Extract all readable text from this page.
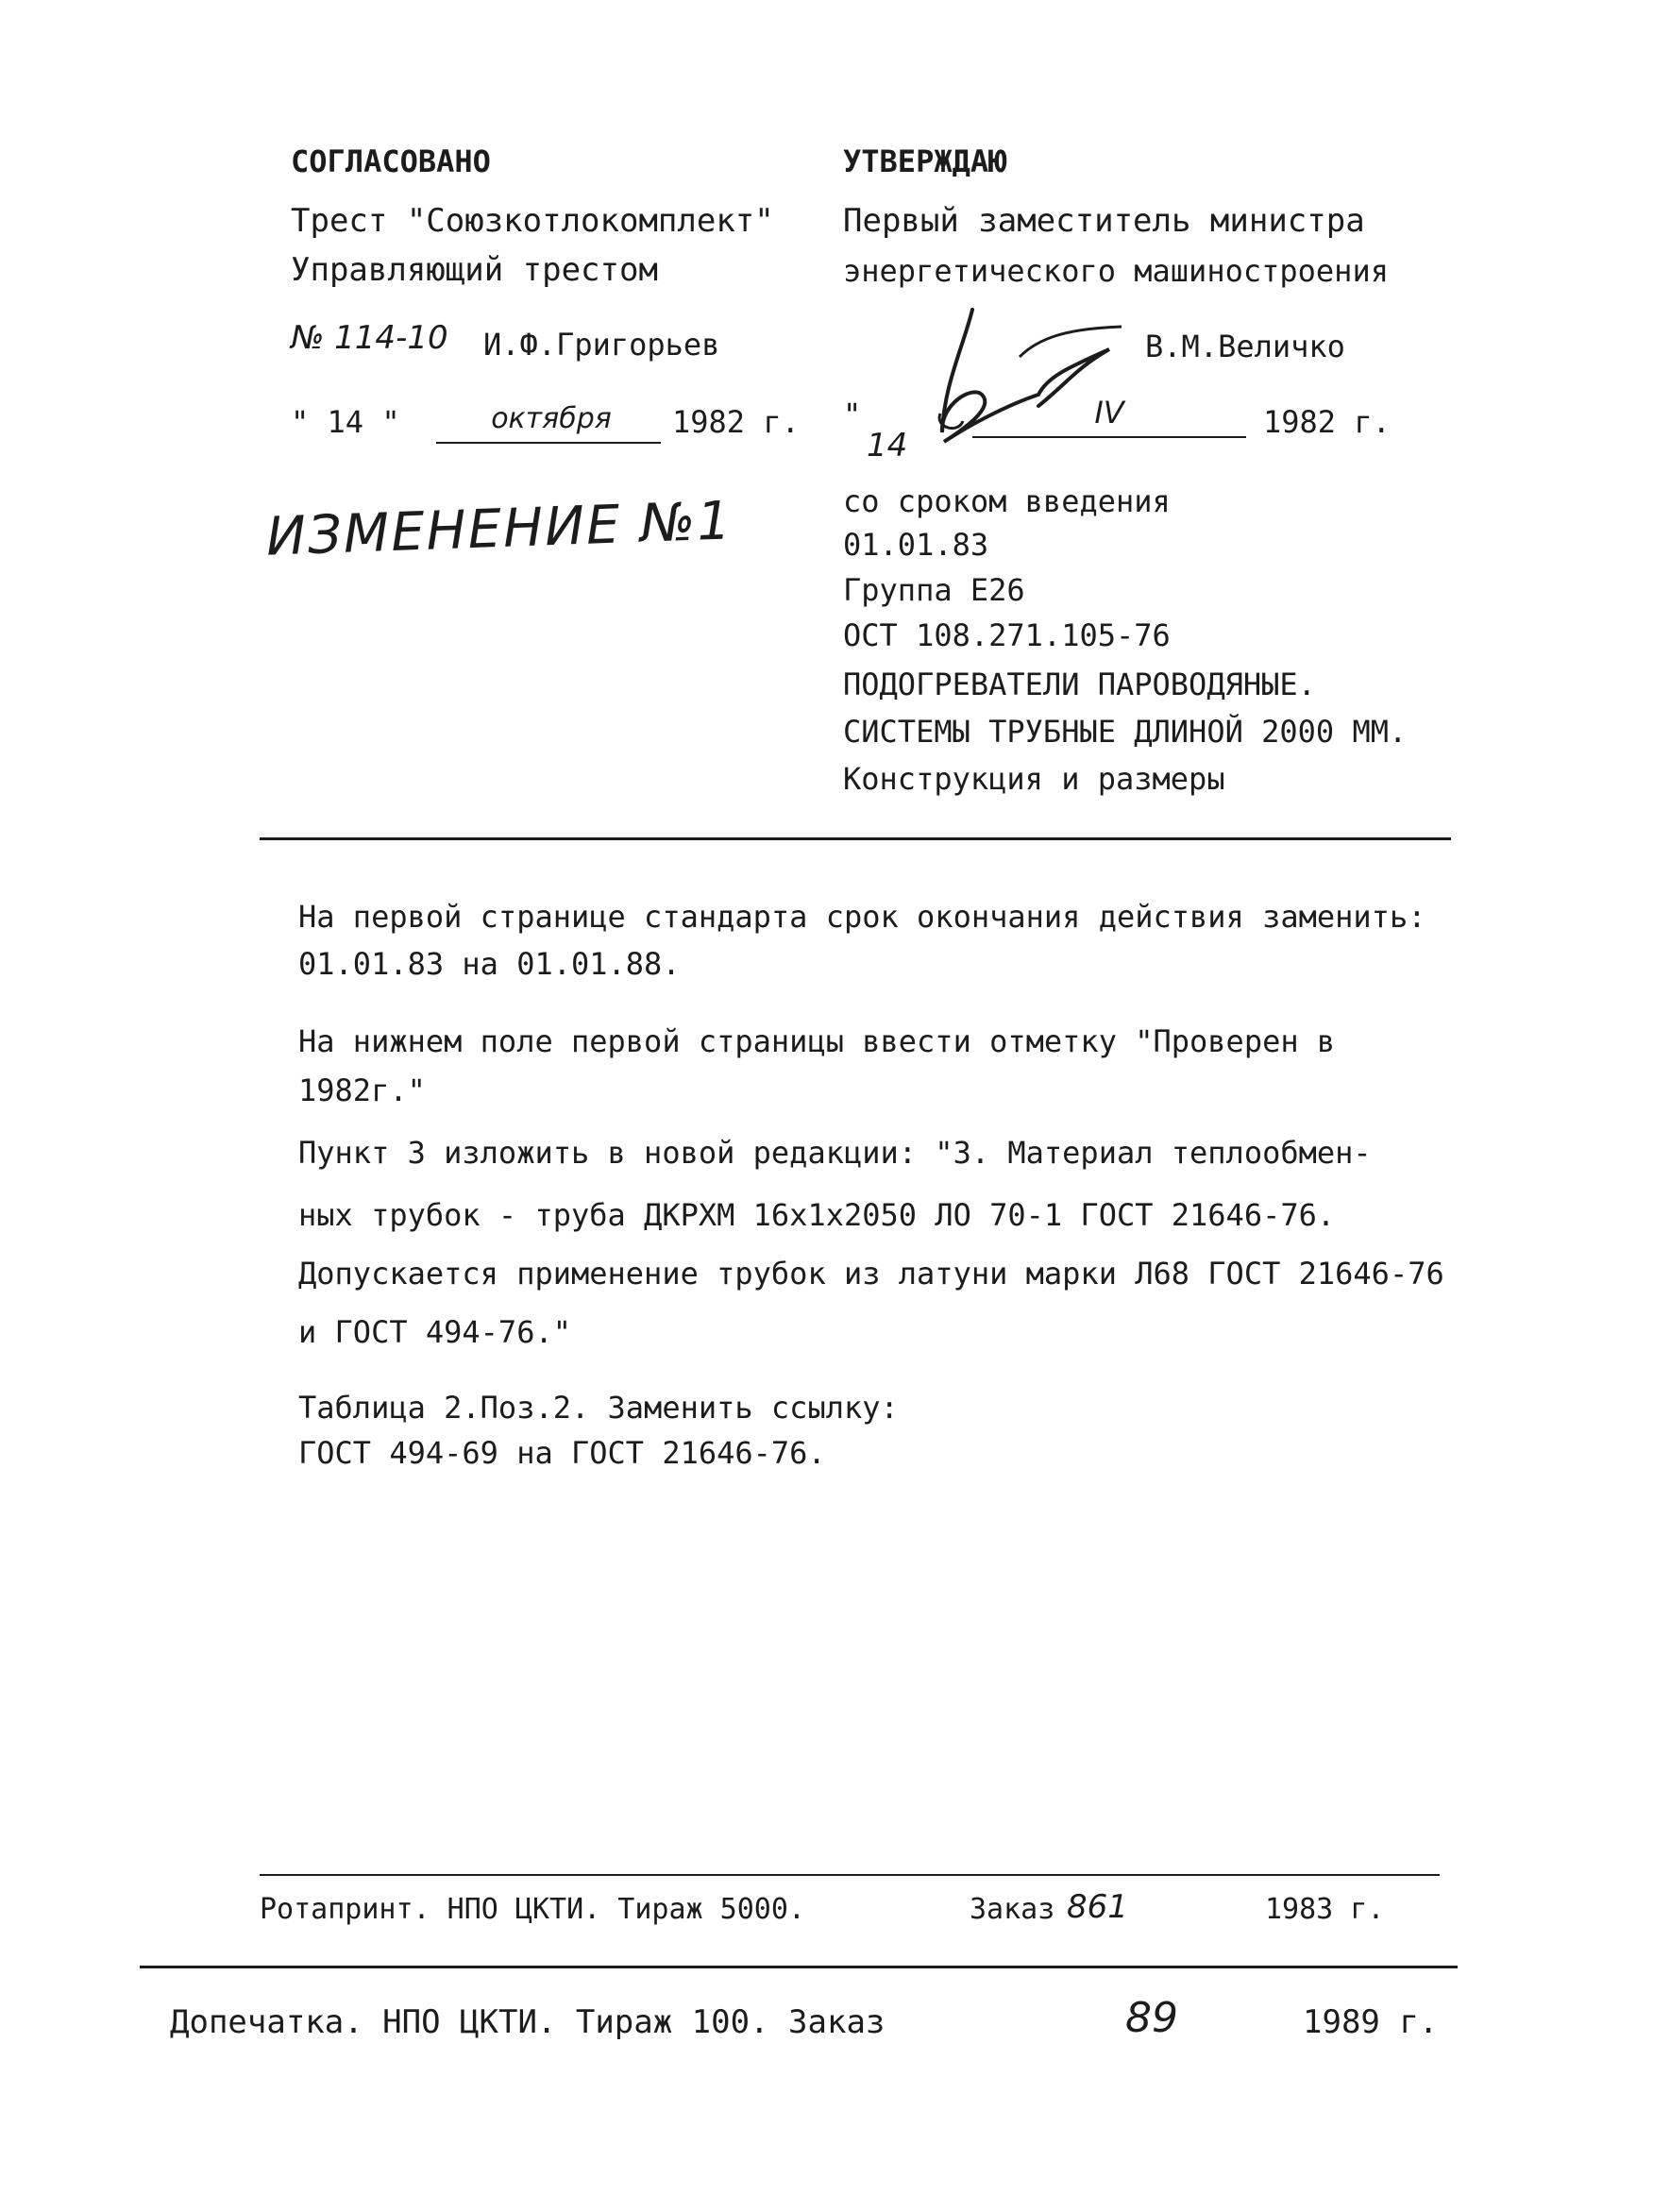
СОГЛАСОВАНО
Трест "Союзкотлокомплект"
Управляющий трестом
№ 114-10 И.Ф.Григорьев
" 14 "	октября	1982 г.
ИЗМЕНЕНИЕ №1
УТВЕРЖДАЮ
Первый заместитель министра
энергетического машиностроения
В.М.Величко
"
14
IV	1982 г.
со сроком введения
01.01.83
Группа Е26
ОСТ 108.271.105-76
ПОДОГРЕВАТЕЛИ ПАРОВОДЯНЫЕ.
СИСТЕМЫ ТРУБНЫЕ ДЛИНОЙ 2000 ММ.
Конструкция и размеры
На первой странице стандарта срок окончания действия заменить:
01.01.83 на 01.01.88.
На нижнем поле первой страницы ввести отметку "Проверен в
1982г."
Пункт 3 изложить в новой редакции: "3. Материал теплообмен-
ных трубок - труба ДКРХМ 16х1х2050 ЛО 70-1 ГОСТ 21646-76.
Допускается применение трубок из латуни марки Л68 ГОСТ 21646-76
и ГОСТ 494-76."
Таблица 2.Поз.2. Заменить ссылку:
ГОСТ 494-69 на ГОСТ 21646-76.
Ротапринт. НПО ЦКТИ. Тираж 5000.	Заказ 861	1983 г.
Допечатка. НПО ЦКТИ. Тираж 100. Заказ	89	1989 г.
